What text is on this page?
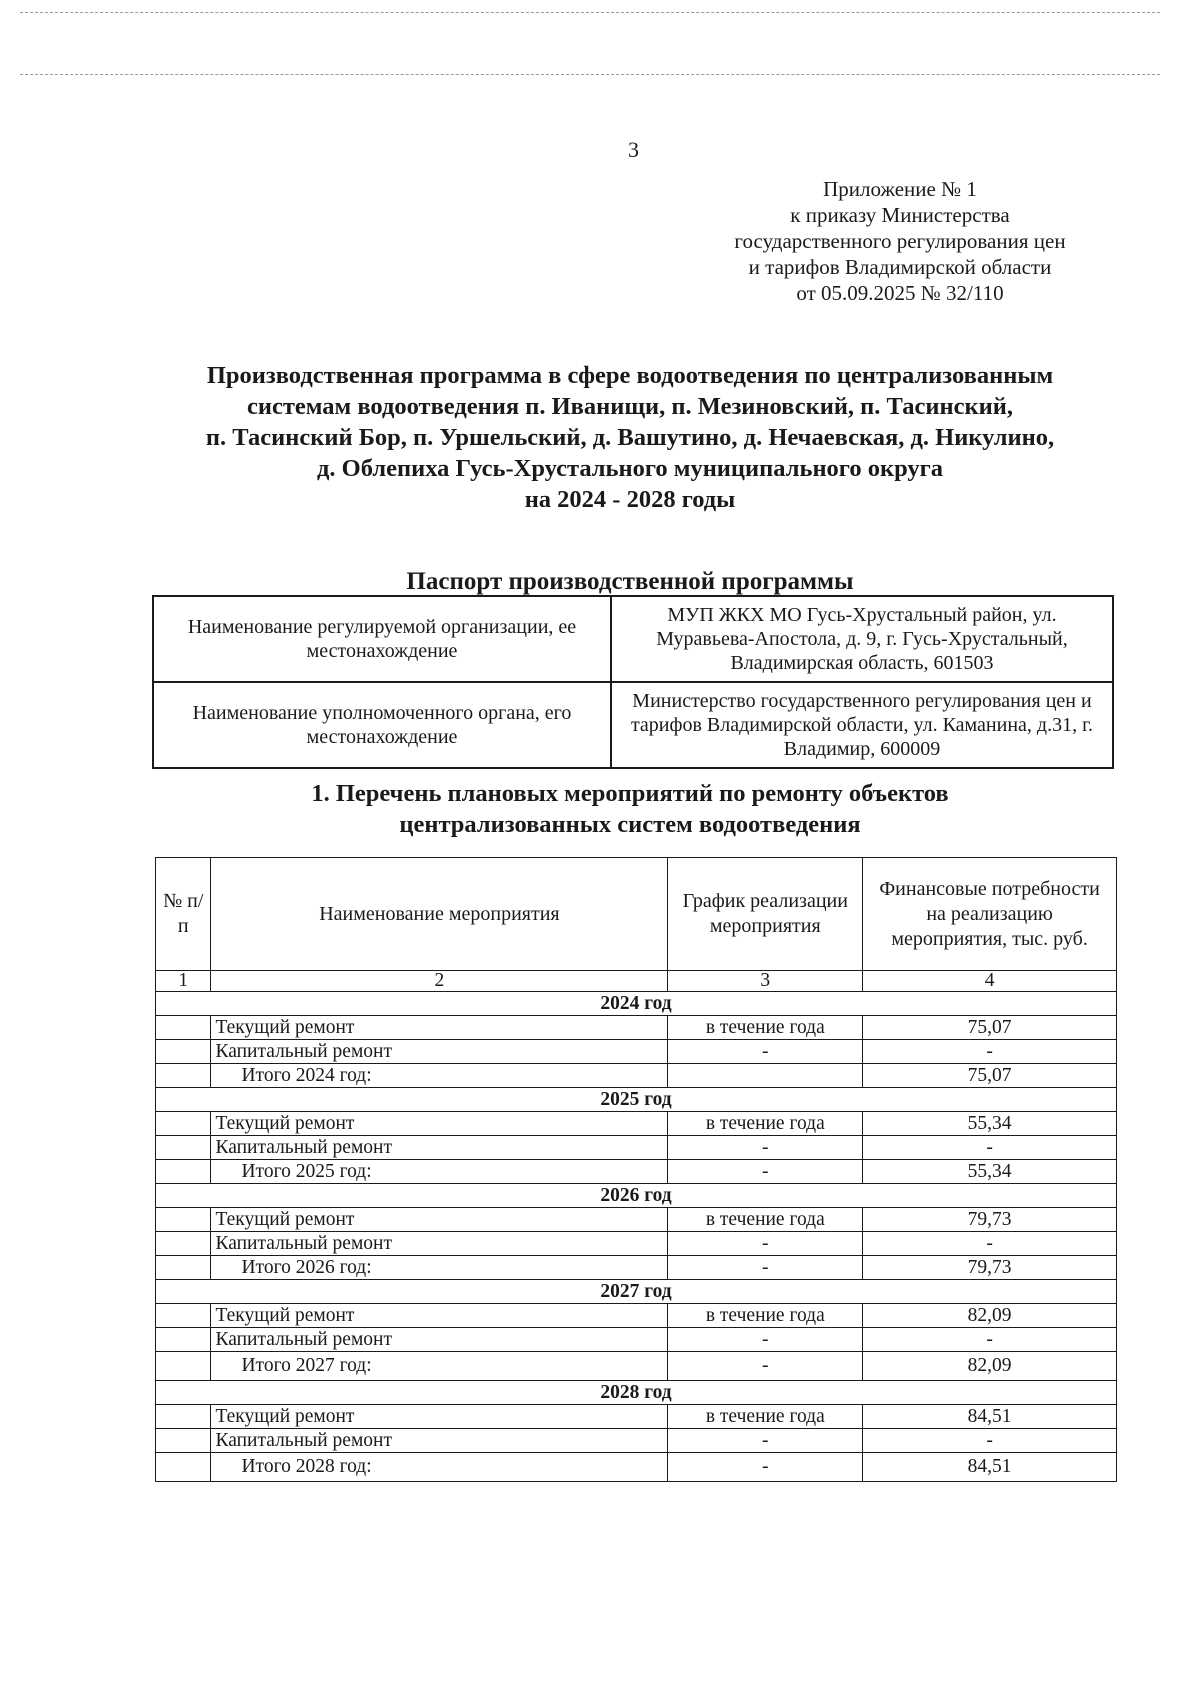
3
Приложение № 1
к приказу Министерства
государственного регулирования цен
и тарифов Владимирской области
от 05.09.2025 № 32/110
Производственная программа в сфере водоотведения по централизованным
системам водоотведения п. Иванищи, п. Мезиновский, п. Тасинский,
п. Тасинский Бор, п. Уршельский, д. Вашутино, д. Нечаевская, д. Никулино,
д. Облепиха Гусь-Хрустального муниципального округа
на 2024 - 2028 годы
Паспорт производственной программы
Наименование регулируемой организации, ее местонахождение	МУП ЖКХ МО Гусь-Хрустальный район, ул. Муравьева-Апостола, д. 9, г. Гусь-Хрустальный, Владимирская область, 601503
Наименование уполномоченного органа, его местонахождение	Министерство государственного регулирования цен и тарифов Владимирской области, ул. Каманина, д.31, г. Владимир, 600009
1. Перечень плановых мероприятий по ремонту объектов
централизованных систем водоотведения
№ п/п	Наименование мероприятия	График реализации мероприятия	Финансовые потребности на реализацию мероприятия, тыс. руб.
1	2	3	4
2024 год			
	Текущий ремонт	в течение года	75,07
	Капитальный ремонт	-	-
	Итого 2024 год:		75,07
2025 год			
	Текущий ремонт	в течение года	55,34
	Капитальный ремонт	-	-
	Итого 2025 год:	-	55,34
2026 год			
	Текущий ремонт	в течение года	79,73
	Капитальный ремонт	-	-
	Итого 2026 год:	-	79,73
2027 год			
	Текущий ремонт	в течение года	82,09
	Капитальный ремонт	-	-
	Итого 2027 год:	-	82,09
2028 год			
	Текущий ремонт	в течение года	84,51
	Капитальный ремонт	-	-
	Итого 2028 год:	-	84,51
